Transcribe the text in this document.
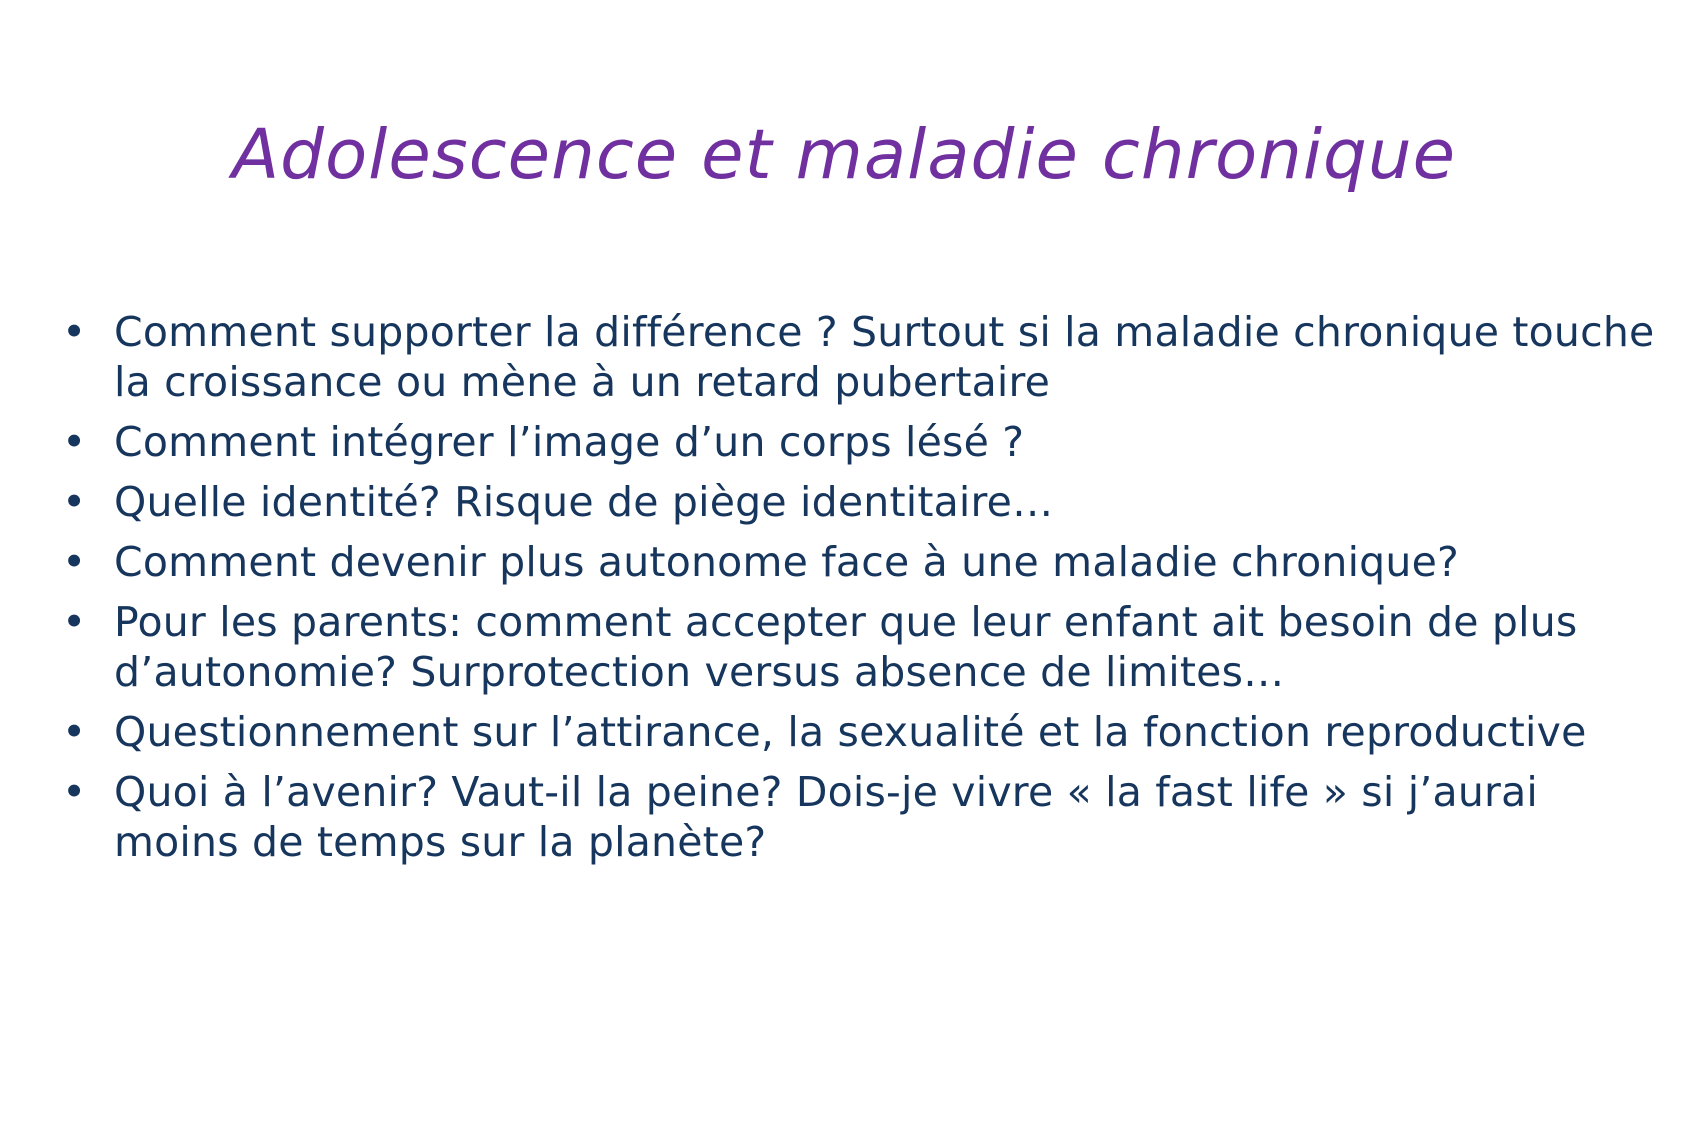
Adolescence et maladie chronique
• Comment supporter la différence ? Surtout si la maladie chronique touche la croissance ou mène à un retard pubertaire
• Comment intégrer l’image d’un corps lésé ?
• Quelle identité? Risque de piège identitaire…
• Comment devenir plus autonome face à une maladie chronique?
• Pour les parents: comment accepter que leur enfant ait besoin de plus d’autonomie? Surprotection versus absence de limites…
• Questionnement sur l’attirance, la sexualité et la fonction reproductive
• Quoi à l’avenir? Vaut-il la peine? Dois-je vivre « la fast life » si j’aurai moins de temps sur la planète?
